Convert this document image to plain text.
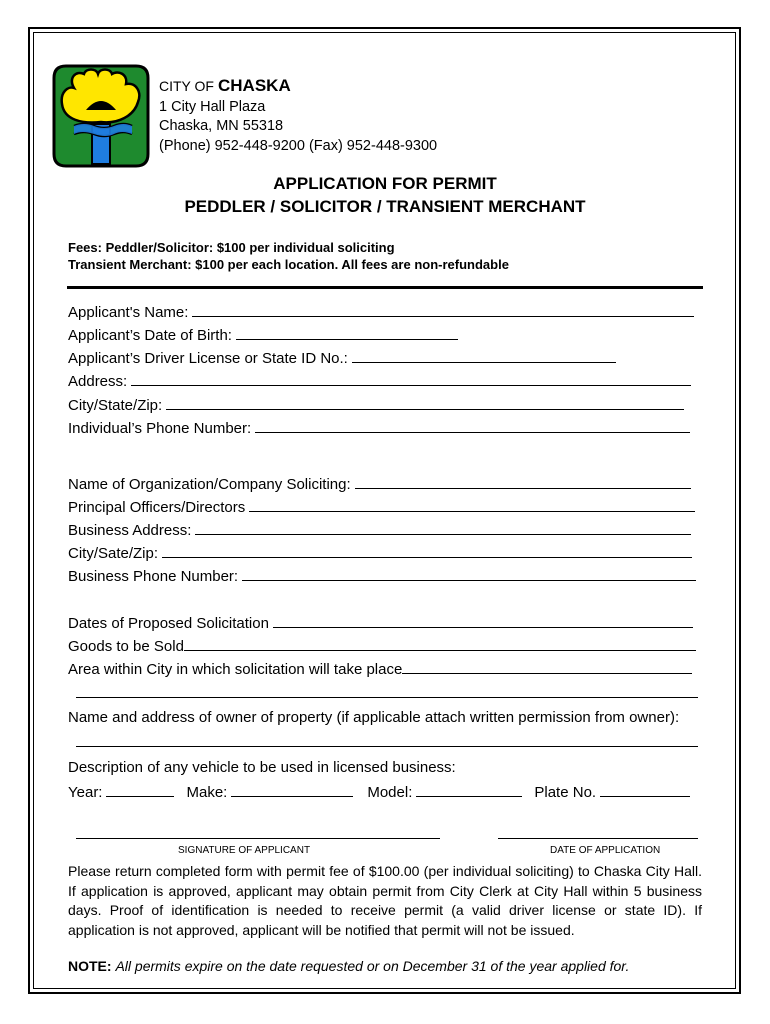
CITY OF CHASKA
1 City Hall Plaza
Chaska, MN 55318
(Phone) 952-448-9200 (Fax) 952-448-9300
APPLICATION FOR PERMIT
PEDDLER / SOLICITOR / TRANSIENT MERCHANT
Fees: Peddler/Solicitor: $100 per individual soliciting
Transient Merchant: $100 per each location. All fees are non-refundable
Applicant's Name:
Applicant’s Date of Birth:
Applicant’s Driver License or State ID No.:
Address:
City/State/Zip:
Individual’s Phone Number:
Name of Organization/Company Soliciting:
Principal Officers/Directors
Business Address:
City/Sate/Zip:
Business Phone Number:
Dates of Proposed Solicitation
Goods to be Sold
Area within City in which solicitation will take place
Name and address of owner of property (if applicable attach written permission from owner):
Description of any vehicle to be used in licensed business:
Year:	Make:	Model:	Plate No.
SIGNATURE OF APPLICANT	DATE OF APPLICATION
Please return completed form with permit fee of $100.00 (per individual soliciting) to Chaska City Hall. If application is approved, applicant may obtain permit from City Clerk at City Hall within 5 business days. Proof of identification is needed to receive permit (a valid driver license or state ID). If application is not approved, applicant will be notified that permit will not be issued.
NOTE: All permits expire on the date requested or on December 31 of the year applied for.
